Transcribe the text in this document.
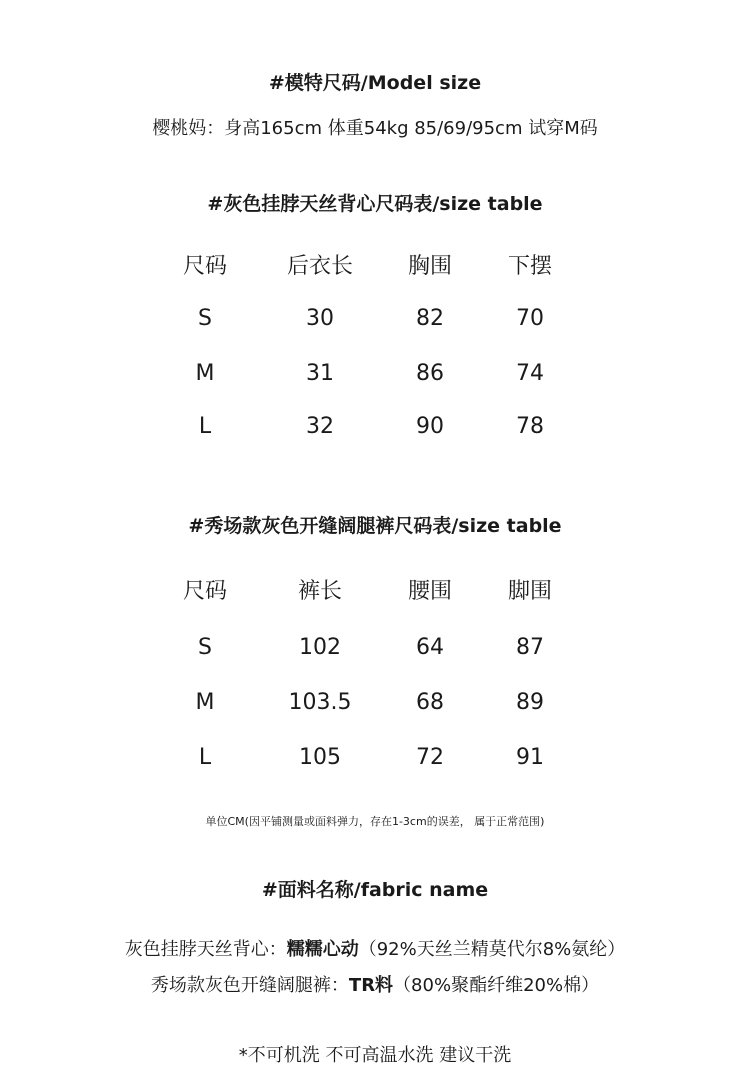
#模特尺码/Model size
樱桃妈：身高165cm 体重54kg 85/69/95cm 试穿M码
#灰色挂脖天丝背心尺码表/size table
尺码	后衣长	胸围	下摆
S	30	82	70
M	31	86	74
L	32	90	78
#秀场款灰色开缝阔腿裤尺码表/size table
尺码	裤长	腰围	脚围
S	102	64	87
M	103.5	68	89
L	105	72	91
单位CM(因平铺测量或面料弹力，存在1-3cm的误差， 属于正常范围)
#面料名称/fabric name
灰色挂脖天丝背心：糯糯心动（92%天丝兰精莫代尔8%氨纶）
秀场款灰色开缝阔腿裤：TR料（80%聚酯纤维20%棉）
*不可机洗 不可高温水洗 建议干洗
